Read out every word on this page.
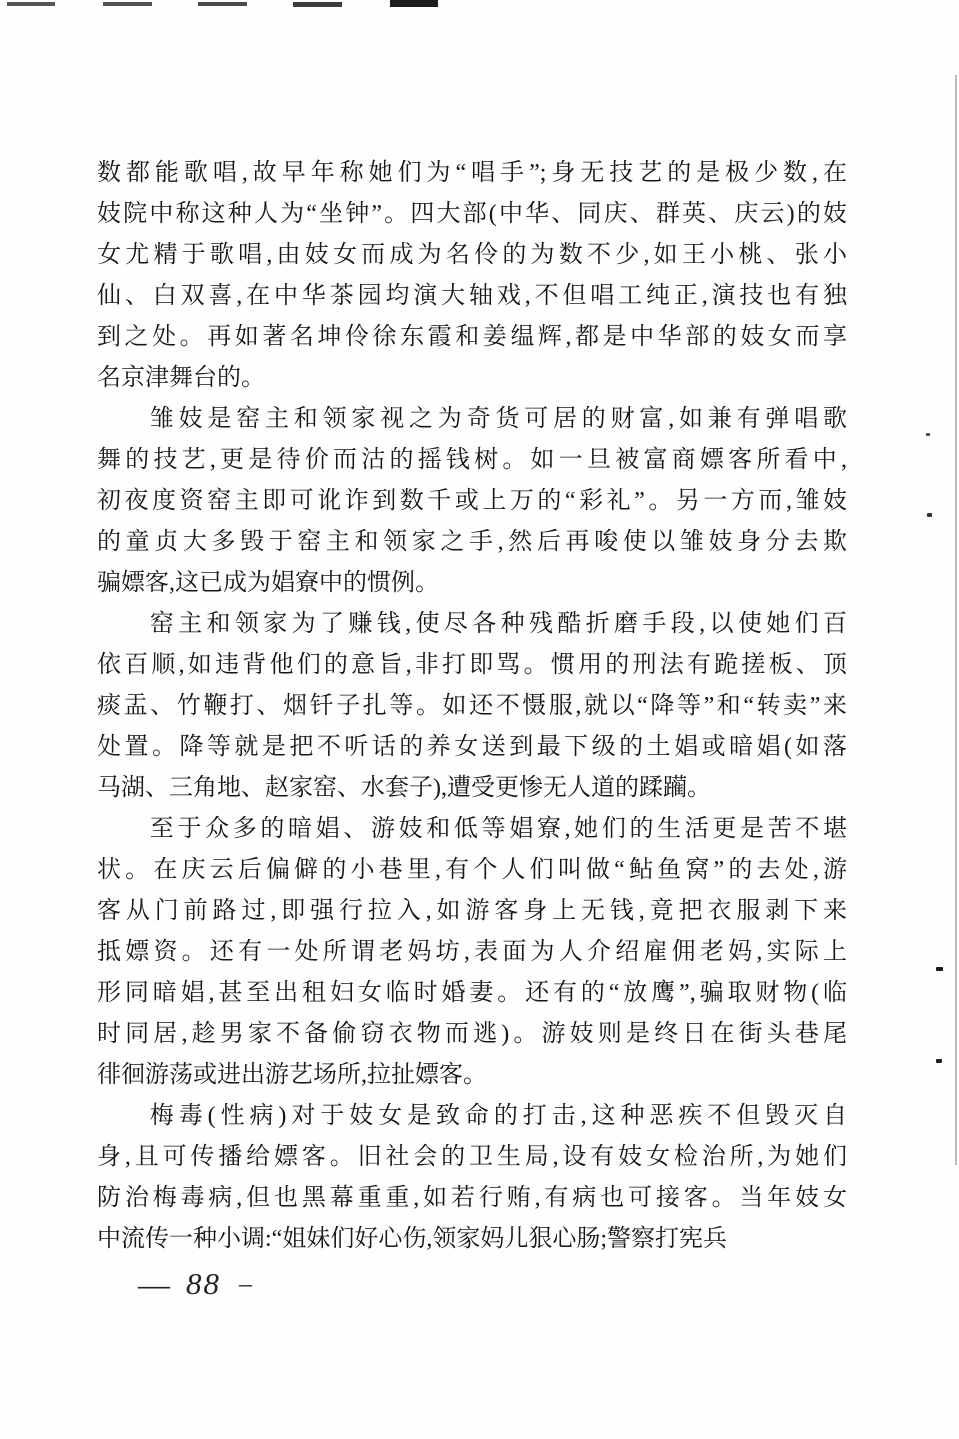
数都能歌唱,故早年称她们为“唱手”;身无技艺的是极少数,在
妓院中称这种人为“坐钟”。四大部(中华、同庆、群英、庆云)的妓
女尤精于歌唱,由妓女而成为名伶的为数不少,如王小桃、张小
仙、白双喜,在中华茶园均演大轴戏,不但唱工纯正,演技也有独
到之处。再如著名坤伶徐东霞和姜缊辉,都是中华部的妓女而享
名京津舞台的。
雏妓是窑主和领家视之为奇货可居的财富,如兼有弹唱歌
舞的技艺,更是待价而沽的摇钱树。如一旦被富商嫖客所看中,
初夜度资窑主即可讹诈到数千或上万的“彩礼”。另一方而,雏妓
的童贞大多毁于窑主和领家之手,然后再唆使以雏妓身分去欺
骗嫖客,这已成为娼寮中的惯例。
窑主和领家为了赚钱,使尽各种残酷折磨手段,以使她们百
依百顺,如违背他们的意旨,非打即骂。惯用的刑法有跪搓板、顶
痰盂、竹鞭打、烟钎子扎等。如还不慑服,就以“降等”和“转卖”来
处置。降等就是把不听话的养女送到最下级的土娼或暗娼(如落
马湖、三角地、赵家窑、水套子),遭受更惨无人道的蹂躏。
至于众多的暗娼、游妓和低等娼寮,她们的生活更是苦不堪
状。在庆云后偏僻的小巷里,有个人们叫做“鲇鱼窝”的去处,游
客从门前路过,即强行拉入,如游客身上无钱,竟把衣服剥下来
抵嫖资。还有一处所谓老妈坊,表面为人介绍雇佣老妈,实际上
形同暗娼,甚至出租妇女临时婚妻。还有的“放鹰”,骗取财物(临
时同居,趁男家不备偷窃衣物而逃)。游妓则是终日在街头巷尾
徘徊游荡或进出游艺场所,拉扯嫖客。
梅毒(性病)对于妓女是致命的打击,这种恶疾不但毁灭自
身,且可传播给嫖客。旧社会的卫生局,设有妓女检治所,为她们
防治梅毒病,但也黑幕重重,如若行贿,有病也可接客。当年妓女
中流传一种小调:“姐妹们好心伤,领家妈儿狠心肠;警察打宪兵
— 88 –
